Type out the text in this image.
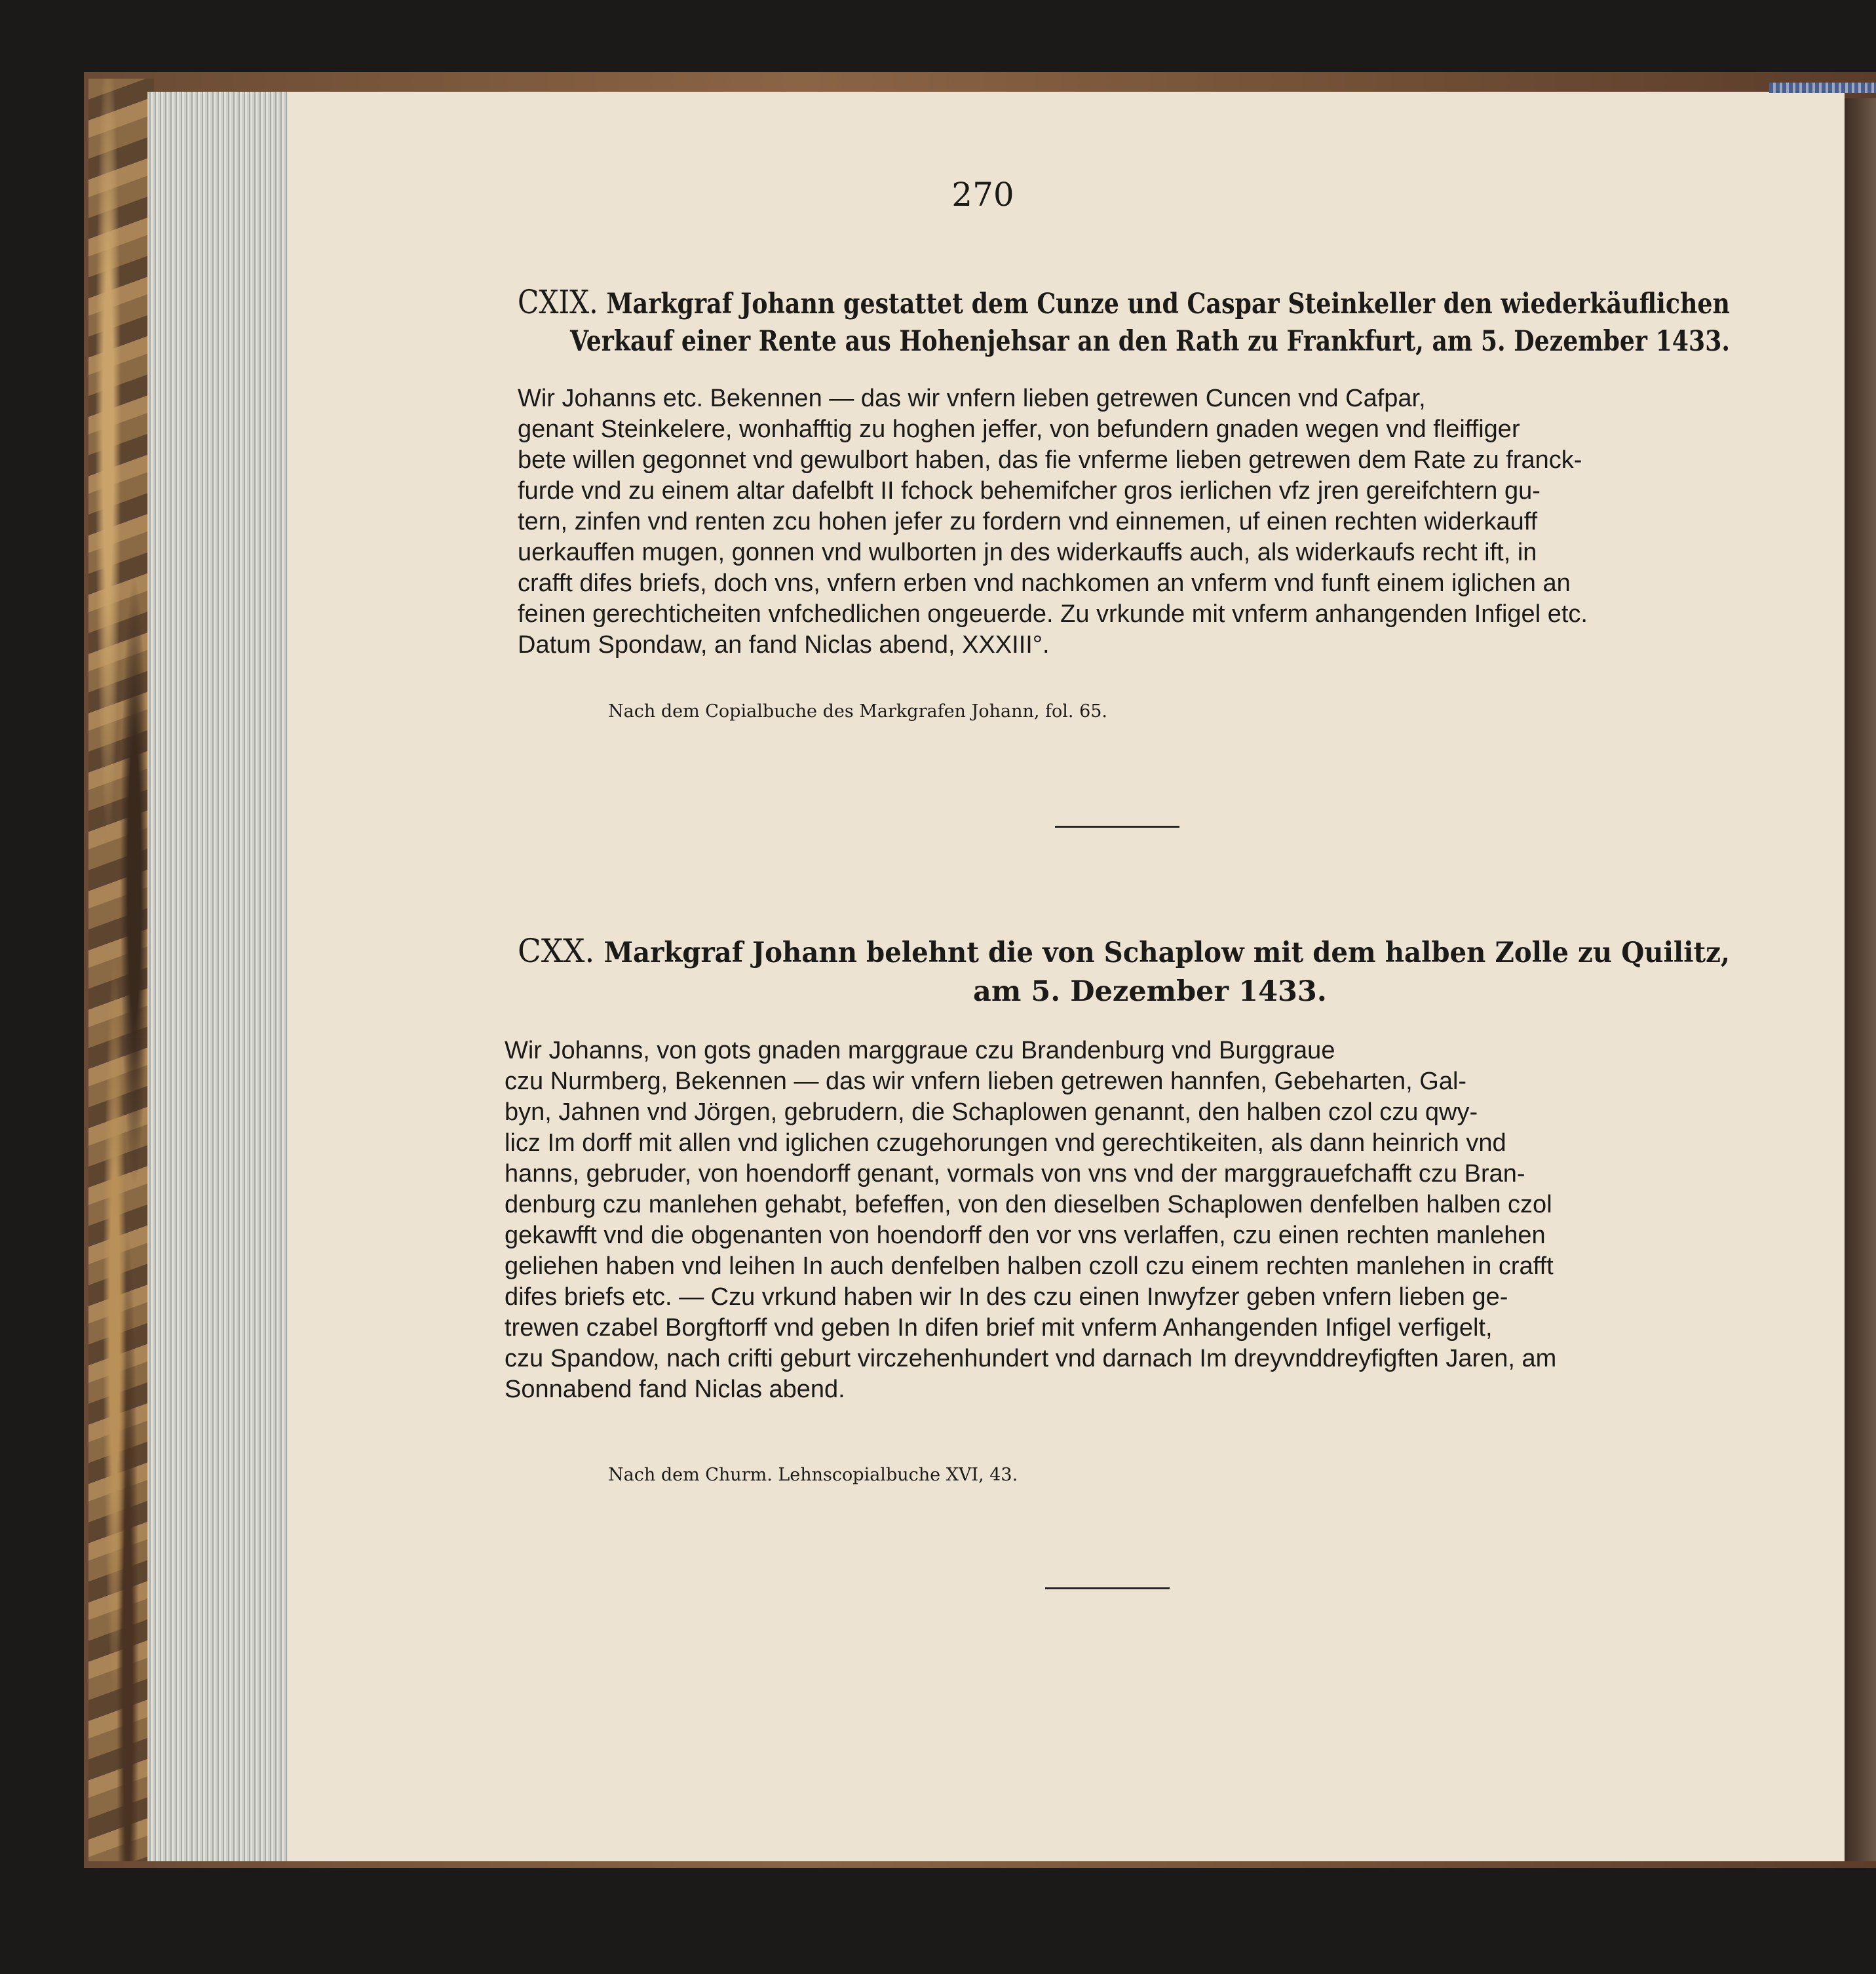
270

CXIX. Markgraf Johann gestattet dem Cunze und Caspar Steinkeller den wiederkäuflichen

Verkauf einer Rente aus Hohenjehsar an den Rath zu Frankfurt, am 5. Dezember 1433.

Wir Johanns etc. Bekennen — das wir vnfern lieben getrewen Cuncen vnd Cafpar,
genant Steinkelere, wonhafftig zu hoghen jeffer, von befundern gnaden wegen vnd fleiffiger
bete willen gegonnet vnd gewulbort haben, das fie vnferme lieben getrewen dem Rate zu franck-
furde vnd zu einem altar dafelbft II fchock behemifcher gros ierlichen vfz jren gereifchtern gu-
tern, zinfen vnd renten zcu hohen jefer zu fordern vnd einnemen, uf einen rechten widerkauff
uerkauffen mugen, gonnen vnd wulborten jn des widerkauffs auch, als widerkaufs recht ift, in
crafft difes briefs, doch vns, vnfern erben vnd nachkomen an vnferm vnd funft einem iglichen an
feinen gerechticheiten vnfchedlichen ongeuerde. Zu vrkunde mit vnferm anhangenden Infigel etc.
Datum Spondaw, an fand Niclas abend, XXXIII°.

Nach dem Copialbuche des Markgrafen Johann, fol. 65.

CXX. Markgraf Johann belehnt die von Schaplow mit dem halben Zolle zu Quilitz,

am 5. Dezember 1433.

Wir Johanns, von gots gnaden marggraue czu Brandenburg vnd Burggraue
czu Nurmberg, Bekennen — das wir vnfern lieben getrewen hannfen, Gebeharten, Gal-
byn, Jahnen vnd Jörgen, gebrudern, die Schaplowen genannt, den halben czol czu qwy-
licz Im dorff mit allen vnd iglichen czugehorungen vnd gerechtikeiten, als dann heinrich vnd
hanns, gebruder, von hoendorff genant, vormals von vns vnd der marggrauefchafft czu Bran-
denburg czu manlehen gehabt, befeffen, von den dieselben Schaplowen denfelben halben czol
gekawfft vnd die obgenanten von hoendorff den vor vns verlaffen, czu einen rechten manlehen
geliehen haben vnd leihen In auch denfelben halben czoll czu einem rechten manlehen in crafft
difes briefs etc. — Czu vrkund haben wir In des czu einen Inwyfzer geben vnfern lieben ge-
trewen czabel Borgftorff vnd geben In difen brief mit vnferm Anhangenden Infigel verfigelt,
czu Spandow, nach crifti geburt virczehenhundert vnd darnach Im dreyvnddreyfigften Jaren, am
Sonnabend fand Niclas abend.

Nach dem Churm. Lehnscopialbuche XVI, 43.
